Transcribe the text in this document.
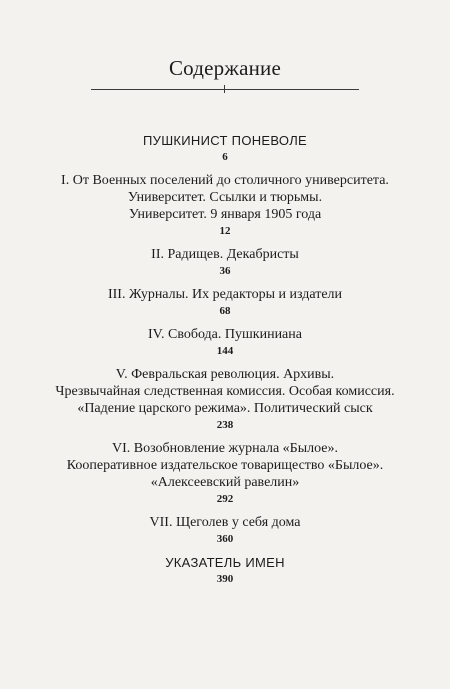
Содержание
ПУШКИНИСТ ПОНЕВОЛЕ
6
I. От Военных поселений до столичного университета.
Университет. Ссылки и тюрьмы.
Университет. 9 января 1905 года
12
II. Радищев. Декабристы
36
III. Журналы. Их редакторы и издатели
68
IV. Свобода. Пушкиниана
144
V. Февральская революция. Архивы.
Чрезвычайная следственная комиссия. Особая комиссия.
«Падение царского режима». Политический сыск
238
VI. Возобновление журнала «Былое».
Кооперативное издательское товарищество «Былое».
«Алексеевский равелин»
292
VII. Щеголев у себя дома
360
УКАЗАТЕЛЬ ИМЕН
390
